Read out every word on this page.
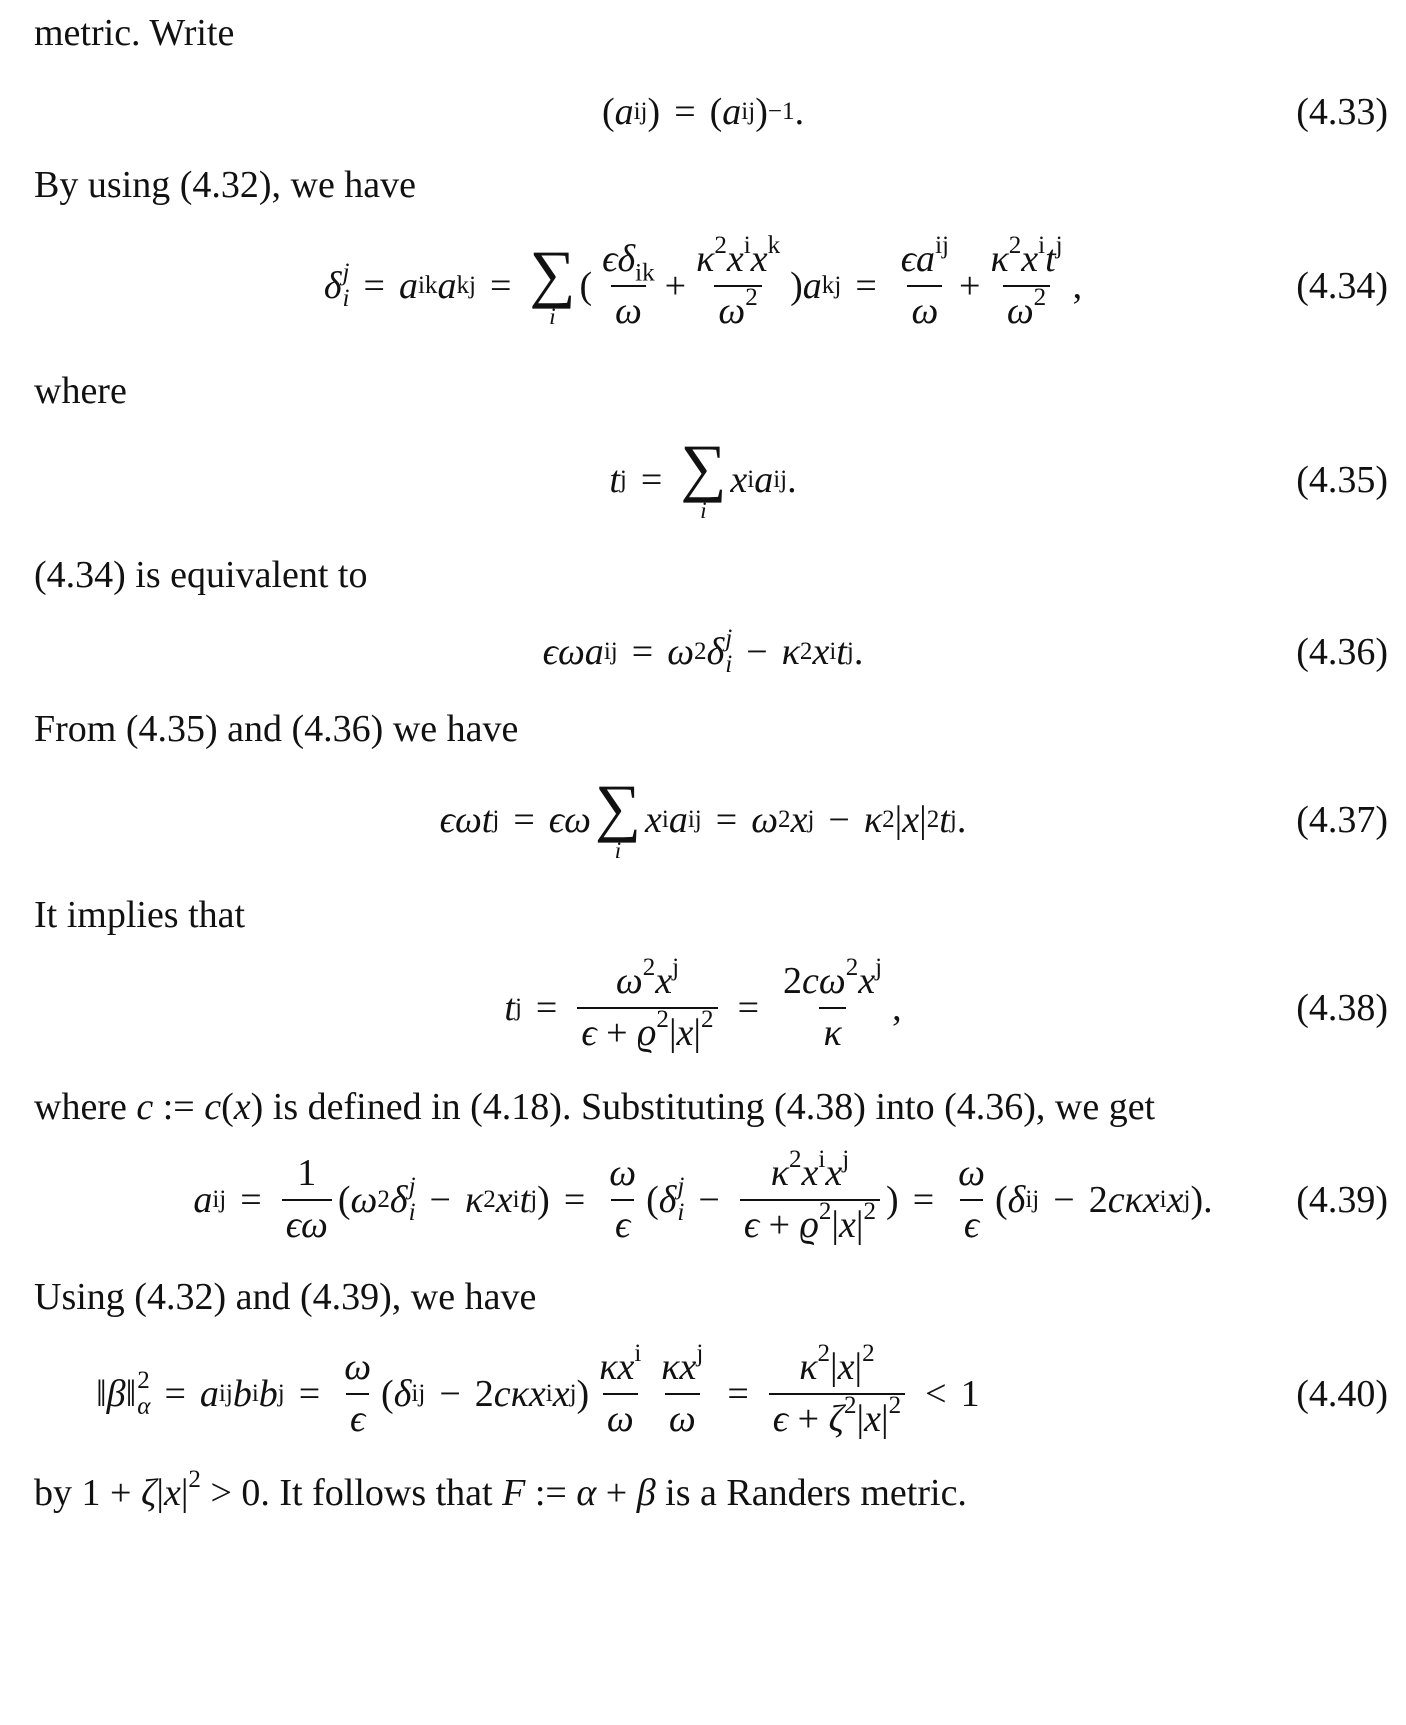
metric. Write
( a ij ) = ( a ij ) −1 .	(4.33)
By using (4.32), we have
δ j
i = a ik a kj = ∑
i
( $\frac{\epsilon\delta_{ik}}{\omega} + \frac{\kappa^2x^ix^k}{\omega^2}$ ) a kj = $\frac{\epsilon a^{ij}}{\omega} + \frac{\kappa^2x^it^j}{\omega^2}$ ,	(4.34)
where
t j = ∑
i
x i a ij .	(4.35)
(4.34) is equivalent to
ϵωa ij = ω 2 δ j
i − κ 2 x i t j .	(4.36)
From (4.35) and (4.36) we have
ϵωt j = ϵω ∑
i
x i a ij = ω 2 x j − κ 2 | x | 2 t j .	(4.37)
It implies that
t $j = \frac{\omega^2x^j}{\epsilon + ϱ^2|x|^2} = \frac{2c\omega^2x^j}{\kappa}$ ,	(4.38)
where c := c(x) is defined in (4.18). Substituting (4.38) into (4.36), we get
a ij = $\frac{1}{\epsilon\omega}$ ( ω 2 δ j
i − κ 2 x i t j ) = $\frac{\omega}{\epsilon}$ ( δ j
$i - \frac{\kappa^2x^ix^j}{\epsilon + ϱ^2|x|^2}$ ) = $\frac{\omega}{\epsilon}$ ( δ ij − 2 cκx i x j ). (4.39)
Using (4.32) and (4.39), we have
‖ β ‖ 2
α = a ij b i b $j = \frac{\omega}{\epsilon}$ ( δ ij − 2 cκx i x j ) $\frac{\kappa x^i}{\omega} \frac{\kappa x^j}{\omega} = \frac{\kappa^2|x|^2}{\epsilon + \zeta^2|x|^2} < 1$	(4.40)
by $1 + \zeta|x|^2 > 0$. It follows that F := α + β is a Randers metric.
